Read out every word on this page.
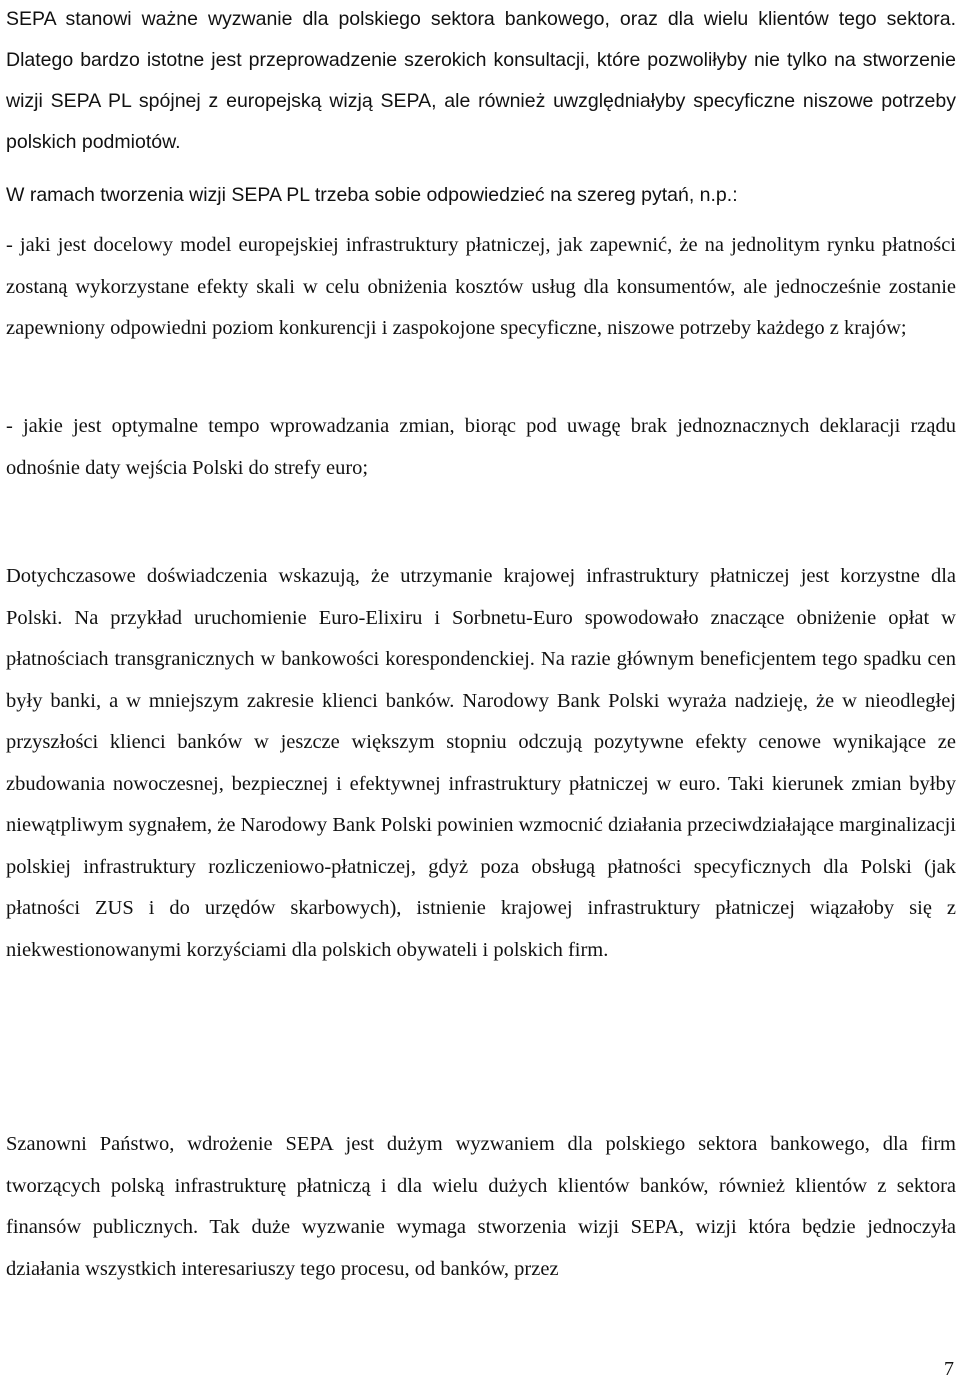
SEPA stanowi ważne wyzwanie dla polskiego sektora bankowego, oraz dla wielu klientów tego sektora. Dlatego bardzo istotne jest przeprowadzenie szerokich konsultacji, które pozwoliłyby nie tylko na stworzenie wizji SEPA PL spójnej z europejską wizją SEPA, ale również uwzględniałyby specyficzne niszowe potrzeby polskich podmiotów.

W ramach tworzenia wizji SEPA PL trzeba sobie odpowiedzieć na szereg pytań, n.p.:

- jaki jest docelowy model europejskiej infrastruktury płatniczej, jak zapewnić, że na jednolitym rynku płatności zostaną wykorzystane efekty skali w celu obniżenia kosztów usług dla konsumentów, ale jednocześnie zostanie zapewniony odpowiedni poziom konkurencji i zaspokojone specyficzne, niszowe potrzeby każdego z krajów;

- jakie jest optymalne tempo wprowadzania zmian, biorąc pod uwagę brak jednoznacznych deklaracji rządu odnośnie daty wejścia Polski do strefy euro;

Dotychczasowe doświadczenia wskazują, że utrzymanie krajowej infrastruktury płatniczej jest korzystne dla Polski. Na przykład uruchomienie Euro-Elixiru i Sorbnetu-Euro spowodowało znaczące obniżenie opłat w płatnościach transgranicznych w bankowości korespondenckiej. Na razie głównym beneficjentem tego spadku cen były banki, a w mniejszym zakresie klienci banków. Narodowy Bank Polski wyraża nadzieję, że w nieodległej przyszłości klienci banków w jeszcze większym stopniu odczują pozytywne efekty cenowe wynikające ze zbudowania nowoczesnej, bezpiecznej i efektywnej infrastruktury płatniczej w euro. Taki kierunek zmian byłby niewątpliwym sygnałem, że Narodowy Bank Polski powinien wzmocnić działania przeciwdziałające marginalizacji polskiej infrastruktury rozliczeniowo-płatniczej, gdyż poza obsługą płatności specyficznych dla Polski (jak płatności ZUS i do urzędów skarbowych), istnienie krajowej infrastruktury płatniczej wiązałoby się z niekwestionowanymi korzyściami dla polskich obywateli i polskich firm.

Szanowni Państwo, wdrożenie SEPA jest dużym wyzwaniem dla polskiego sektora bankowego, dla firm tworzących polską infrastrukturę płatniczą i dla wielu dużych klientów banków, również klientów z sektora finansów publicznych. Tak duże wyzwanie wymaga stworzenia wizji SEPA, wizji która będzie jednoczyła działania wszystkich interesariuszy tego procesu, od banków, przez

7
